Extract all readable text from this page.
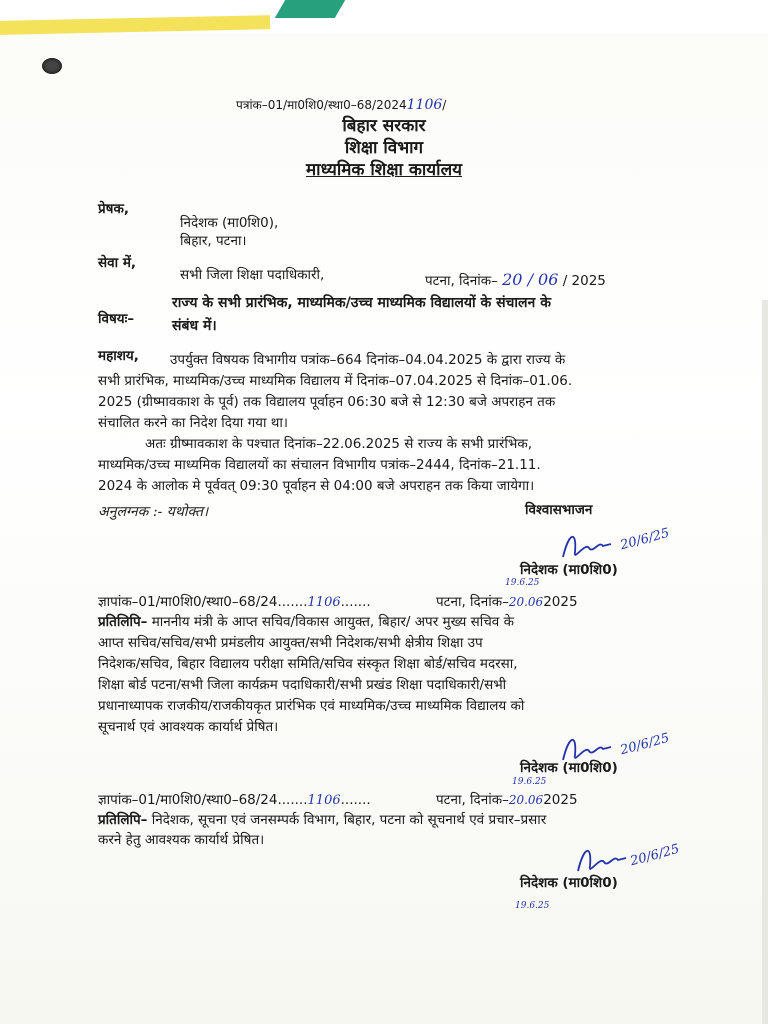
पत्रांक–01/मा0शि0/स्था0–68/20241106/
बिहार सरकार
शिक्षा विभाग
माध्यमिक शिक्षा कार्यालय
प्रेषक,
निदेशक (मा0शि0),
बिहार, पटना।
सेवा में,
सभी जिला शिक्षा पदाधिकारी,	पटना, दिनांक– 20 / 06 / 2025
विषयः–
राज्य के सभी प्रारंभिक, माध्यमिक/उच्च माध्यमिक विद्यालयों के संचालन के
संबंध में।
महाशय, उपर्युक्त विषयक विभागीय पत्रांक–664 दिनांक–04.04.2025 के द्वारा राज्य के
सभी प्रारंभिक, माध्यमिक/उच्च माध्यमिक विद्यालय में दिनांक–07.04.2025 से दिनांक–01.06.
2025 (ग्रीष्मावकाश के पूर्व) तक विद्यालय पूर्वाहन 06:30 बजे से 12:30 बजे अपराहन तक
संचालित करने का निदेश दिया गया था।
अतः ग्रीष्मावकाश के पश्चात दिनांक–22.06.2025 से राज्य के सभी प्रारंभिक,
माध्यमिक/उच्च माध्यमिक विद्यालयों का संचालन विभागीय पत्रांक–2444, दिनांक–21.11.
2024 के आलोक मे पूर्ववत् 09:30 पूर्वाहन से 04:00 बजे अपराहन तक किया जायेगा।
अनुलग्नक :- यथोक्त।	विश्वासभाजन
20/6/25
निदेशक (मा0शि0)
19.6.25
ज्ञापांक–01/मा0शि0/स्था0–68/24.......1106.......	पटना, दिनांक–20.062025
प्रतिलिपि– माननीय मंत्री के आप्त सचिव/विकास आयुक्त, बिहार/ अपर मुख्य सचिव के
आप्त सचिव/सचिव/सभी प्रमंडलीय आयुक्त/सभी निदेशक/सभी क्षेत्रीय शिक्षा उप
निदेशक/सचिव, बिहार विद्यालय परीक्षा समिति/सचिव संस्कृत शिक्षा बोर्ड/सचिव मदरसा,
शिक्षा बोर्ड पटना/सभी जिला कार्यक्रम पदाधिकारी/सभी प्रखंड शिक्षा पदाधिकारी/सभी
प्रधानाध्यापक राजकीय/राजकीयकृत प्रारंभिक एवं माध्यमिक/उच्च माध्यमिक विद्यालय को
सूचनार्थ एवं आवश्यक कार्यार्थ प्रेषित।
20/6/25
निदेशक (मा0शि0)
19.6.25
ज्ञापांक–01/मा0शि0/स्था0–68/24.......1106.......	पटना, दिनांक–20.062025
प्रतिलिपि– निदेशक, सूचना एवं जनसम्पर्क विभाग, बिहार, पटना को सूचनार्थ एवं प्रचार–प्रसार
करने हेतु आवश्यक कार्यार्थ प्रेषित।
20/6/25
निदेशक (मा0शि0)
19.6.25
